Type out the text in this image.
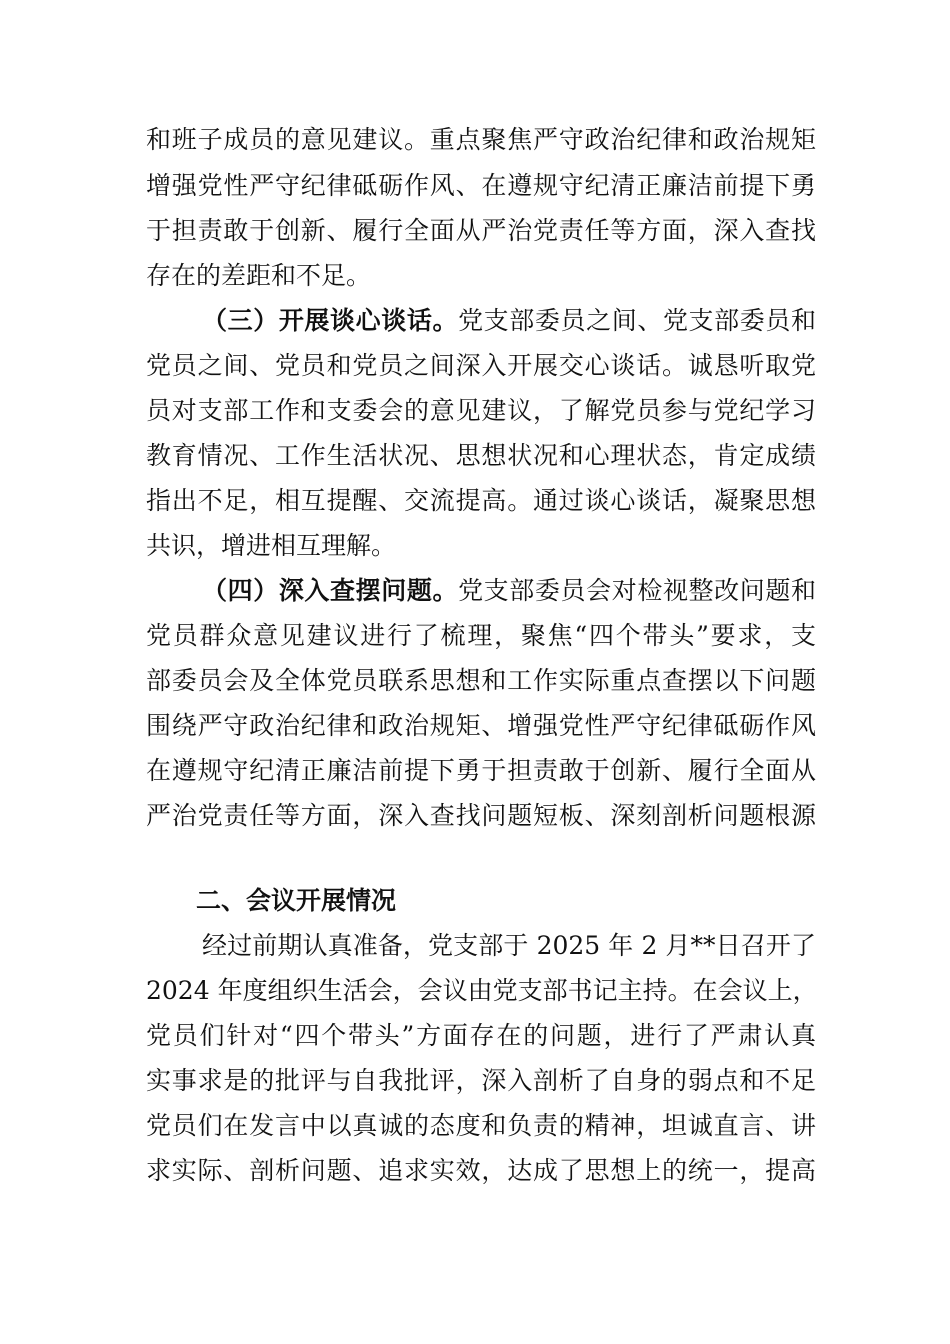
和班子成员的意见建议。重点聚焦严守政治纪律和政治规矩
增强党性严守纪律砥砺作风、在遵规守纪清正廉洁前提下勇
于担责敢于创新、履行全面从严治党责任等方面，深入查找
存在的差距和不足。
（三）开展谈心谈话。党支部委员之间、党支部委员和
党员之间、党员和党员之间深入开展交心谈话。诚恳听取党
员对支部工作和支委会的意见建议，了解党员参与党纪学习
教育情况、工作生活状况、思想状况和心理状态，肯定成绩
指出不足，相互提醒、交流提高。通过谈心谈话，凝聚思想
共识，增进相互理解。
（四）深入查摆问题。党支部委员会对检视整改问题和
党员群众意见建议进行了梳理，聚焦“四个带头”要求，支
部委员会及全体党员联系思想和工作实际重点查摆以下问题
围绕严守政治纪律和政治规矩、增强党性严守纪律砥砺作风
在遵规守纪清正廉洁前提下勇于担责敢于创新、履行全面从
严治党责任等方面，深入查找问题短板、深刻剖析问题根源
二、会议开展情况
经过前期认真准备，党支部于 2025 年 2 月**日召开了
2024 年度组织生活会，会议由党支部书记主持。在会议上，
党员们针对“四个带头”方面存在的问题，进行了严肃认真
实事求是的批评与自我批评，深入剖析了自身的弱点和不足
党员们在发言中以真诚的态度和负责的精神，坦诚直言、讲
求实际、剖析问题、追求实效，达成了思想上的统一，提高
